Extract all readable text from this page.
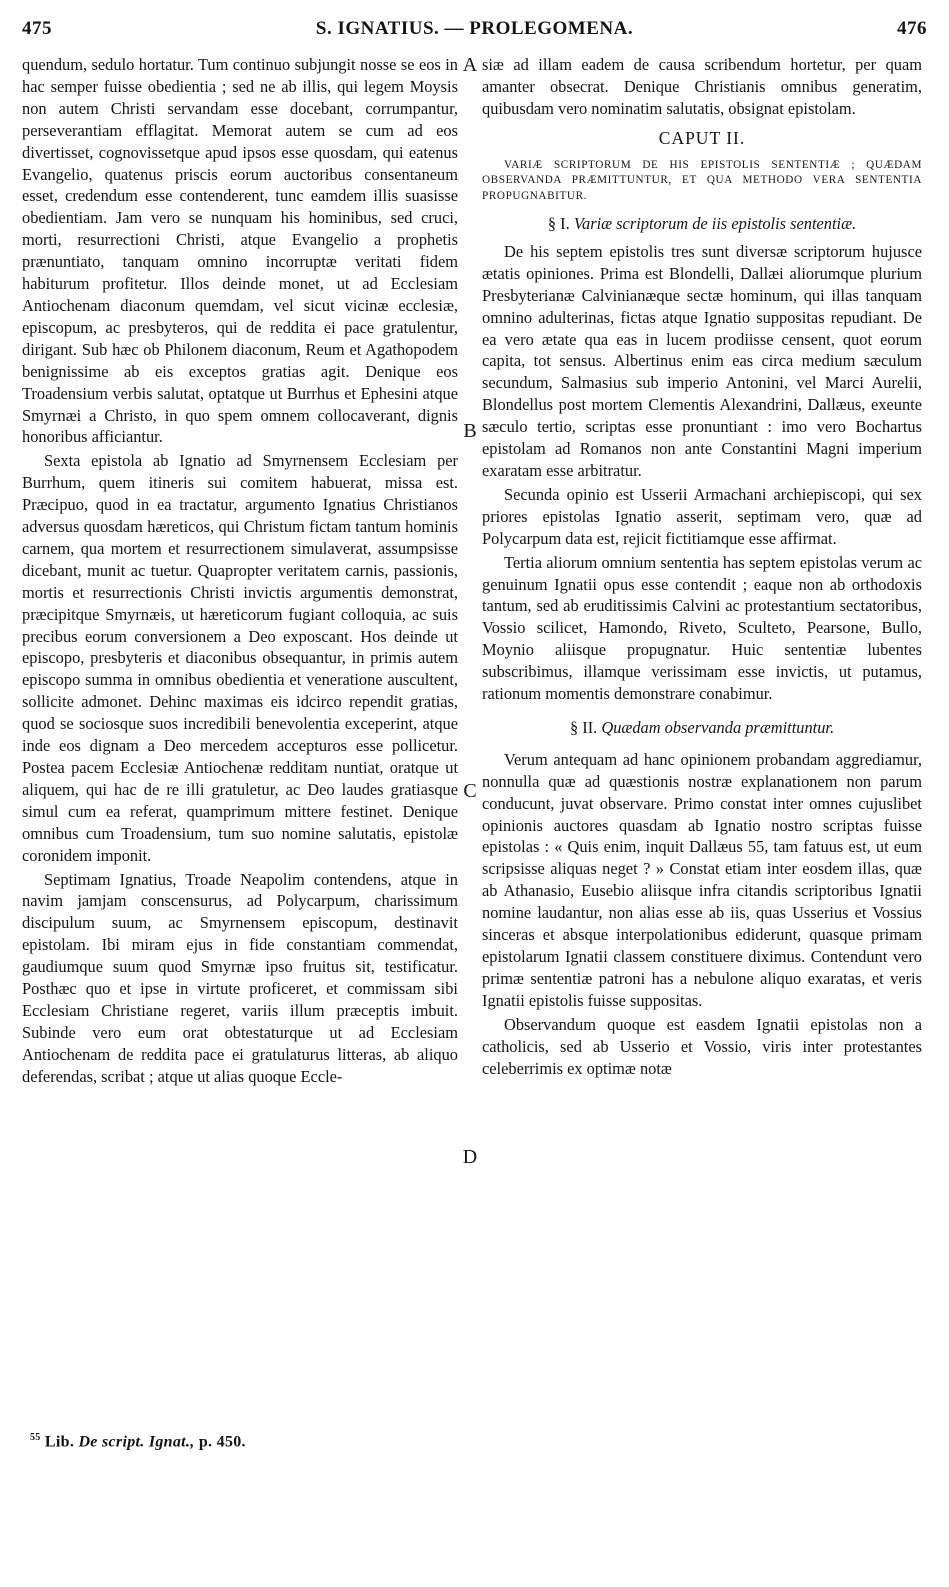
475	S. IGNATIUS. — PROLEGOMENA.	476
A
B
C
D

quendum, sedulo hortatur. Tum continuo subjungit nosse se eos in hac semper fuisse obedientia ; sed ne ab illis, qui legem Moysis non autem Christi servandam esse docebant, corrumpantur, perseverantiam efflagitat. Memorat autem se cum ad eos divertisset, cognovissetque apud ipsos esse quosdam, qui eatenus Evangelio, quatenus priscis eorum auctoribus consentaneum esset, credendum esse contenderent, tunc eamdem illis suasisse obedientiam. Jam vero se nunquam his hominibus, sed cruci, morti, resurrectioni Christi, atque Evangelio a prophetis prænuntiato, tanquam omnino incorruptæ veritati fidem habiturum profitetur. Illos deinde monet, ut ad Ecclesiam Antiochenam diaconum quemdam, vel sicut vicinæ ecclesiæ, episcopum, ac presbyteros, qui de reddita ei pace gratulentur, dirigant. Sub hæc ob Philonem diaconum, Reum et Agathopodem benignissime ab eis exceptos gratias agit. Denique eos Troadensium verbis salutat, optatque ut Burrhus et Ephesini atque Smyrnæi a Christo, in quo spem omnem collocaverant, dignis honoribus afficiantur.

Sexta epistola ab Ignatio ad Smyrnensem Ecclesiam per Burrhum, quem itineris sui comitem habuerat, missa est. Præcipuo, quod in ea tractatur, argumento Ignatius Christianos adversus quosdam hæreticos, qui Christum fictam tantum hominis carnem, qua mortem et resurrectionem simulaverat, assumpsisse dicebant, munit ac tuetur. Quapropter veritatem carnis, passionis, mortis et resurrectionis Christi invictis argumentis demonstrat, præcipitque Smyrnæis, ut hæreticorum fugiant colloquia, ac suis precibus eorum conversionem a Deo exposcant. Hos deinde ut episcopo, presbyteris et diaconibus obsequantur, in primis autem episcopo summa in omnibus obedientia et veneratione auscultent, sollicite admonet. Dehinc maximas eis idcirco rependit gratias, quod se sociosque suos incredibili benevolentia exceperint, atque inde eos dignam a Deo mercedem accepturos esse pollicetur. Postea pacem Ecclesiæ Antiochenæ redditam nuntiat, oratque ut aliquem, qui hac de re illi gratuletur, ac Deo laudes gratiasque simul cum ea referat, quamprimum mittere festinet. Denique omnibus cum Troadensium, tum suo nomine salutatis, epistolæ coronidem imponit.

Septimam Ignatius, Troade Neapolim contendens, atque in navim jamjam conscensurus, ad Polycarpum, charissimum discipulum suum, ac Smyrnensem episcopum, destinavit epistolam. Ibi miram ejus in fide constantiam commendat, gaudiumque suum quod Smyrnæ ipso fruitus sit, testificatur. Posthæc quo et ipse in virtute proficeret, et commissam sibi Ecclesiam Christiane regeret, variis illum præceptis imbuit. Subinde vero eum orat obtestaturque ut ad Ecclesiam Antiochenam de reddita pace ei gratulaturus litteras, ab aliquo deferendas, scribat ; atque ut alias quoque Eccle-

siæ ad illam eadem de causa scribendum hortetur, per quam amanter obsecrat. Denique Christianis omnibus generatim, quibusdam vero nominatim salutatis, obsignat epistolam.

CAPUT II.
VARIÆ SCRIPTORUM DE HIS EPISTOLIS SENTENTIÆ ; QUÆDAM OBSERVANDA PRÆMITTUNTUR, ET QUA METHODO VERA SENTENTIA PROPUGNABITUR.
§ I. Variæ scriptorum de iis epistolis sententiæ.

De his septem epistolis tres sunt diversæ scriptorum hujusce ætatis opiniones. Prima est Blondelli, Dallæi aliorumque plurium Presbyterianæ Calvinianæque sectæ hominum, qui illas tanquam omnino adulterinas, fictas atque Ignatio suppositas repudiant. De ea vero ætate qua eas in lucem prodiisse censent, quot eorum capita, tot sensus. Albertinus enim eas circa medium sæculum secundum, Salmasius sub imperio Antonini, vel Marci Aurelii, Blondellus post mortem Clementis Alexandrini, Dallæus, exeunte sæculo tertio, scriptas esse pronuntiant : imo vero Bochartus epistolam ad Romanos non ante Constantini Magni imperium exaratam esse arbitratur.

Secunda opinio est Usserii Armachani archiepiscopi, qui sex priores epistolas Ignatio asserit, septimam vero, quæ ad Polycarpum data est, rejicit fictitiamque esse affirmat.

Tertia aliorum omnium sententia has septem epistolas verum ac genuinum Ignatii opus esse contendit ; eaque non ab orthodoxis tantum, sed ab eruditissimis Calvini ac protestantium sectatoribus, Vossio scilicet, Hamondo, Riveto, Sculteto, Pearsone, Bullo, Moynio aliisque propugnatur. Huic sententiæ lubentes subscribimus, illamque verissimam esse invictis, ut putamus, rationum momentis demonstrare conabimur.

§ II. Quædam observanda præmittuntur.

Verum antequam ad hanc opinionem probandam aggrediamur, nonnulla quæ ad quæstionis nostræ explanationem non parum conducunt, juvat observare. Primo constat inter omnes cujuslibet opinionis auctores quasdam ab Ignatio nostro scriptas fuisse epistolas : « Quis enim, inquit Dallæus 55, tam fatuus est, ut eum scripsisse aliquas neget ? » Constat etiam inter eosdem illas, quæ ab Athanasio, Eusebio aliisque infra citandis scriptoribus Ignatii nomine laudantur, non alias esse ab iis, quas Usserius et Vossius sinceras et absque interpolationibus ediderunt, quasque primam epistolarum Ignatii classem constituere diximus. Contendunt vero primæ sententiæ patroni has a nebulone aliquo exaratas, et veris Ignatii epistolis fuisse suppositas.

Observandum quoque est easdem Ignatii epistolas non a catholicis, sed ab Usserio et Vossio, viris inter protestantes celeberrimis ex optimæ notæ

$^{55}$ Lib. De script. Ignat., p. 450.
